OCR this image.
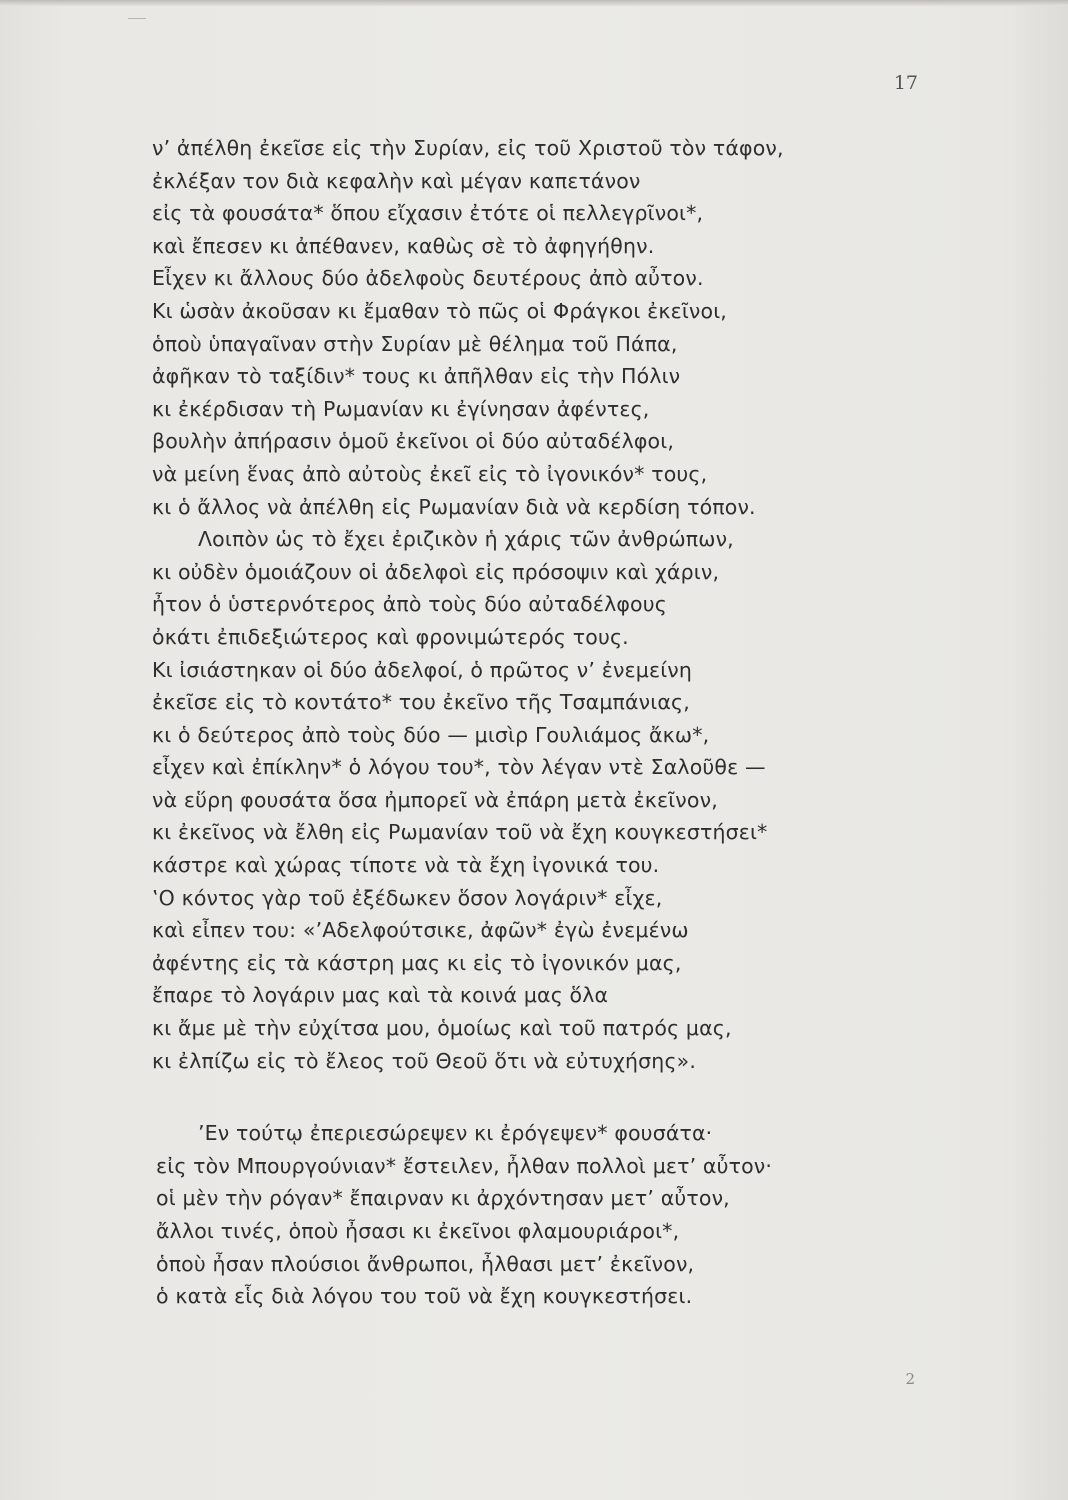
17
ν’ ἀπέλθη ἐκεῖσε εἰς τὴν Συρίαν, εἰς τοῦ Χριστοῦ τὸν τάφον,
ἐκλέξαν τον διὰ κεφαλὴν καὶ μέγαν καπετάνον
εἰς τὰ φουσάτα* ὅπου εἴχασιν ἐτότε οἱ πελλεγρῖνοι*,
καὶ ἔπεσεν κι ἀπέθανεν, καθὼς σὲ τὸ ἀφηγήθην.
Εἶχεν κι ἄλλους δύο ἀδελφοὺς δευτέρους ἀπὸ αὖτον.
Κι ὡσὰν ἀκοῦσαν κι ἔμαθαν τὸ πῶς οἱ Φράγκοι ἐκεῖνοι,
ὁποὺ ὑπαγαῖναν στὴν Συρίαν μὲ θέλημα τοῦ Πάπα,
ἀφῆκαν τὸ ταξίδιν* τους κι ἀπῆλθαν εἰς τὴν Πόλιν
κι ἐκέρδισαν τὴ Ρωμανίαν κι ἐγίνησαν ἀφέντες,
βουλὴν ἀπήρασιν ὁμοῦ ἐκεῖνοι οἱ δύο αὐταδέλφοι,
νὰ μείνη ἕνας ἀπὸ αὐτοὺς ἐκεῖ εἰς τὸ ἰγονικόν* τους,
κι ὁ ἄλλος νὰ ἀπέλθη εἰς Ρωμανίαν διὰ νὰ κερδίση τόπον.
Λοιπὸν ὡς τὸ ἔχει ἐριζικὸν ἡ χάρις τῶν ἀνθρώπων,
κι οὐδὲν ὁμοιάζουν οἱ ἀδελφοὶ εἰς πρόσοψιν καὶ χάριν,
ἦτον ὁ ὑστερνότερος ἀπὸ τοὺς δύο αὐταδέλφους
ὀκάτι ἐπιδεξιώτερος καὶ φρονιμώτερός τους.
Κι ἰσιάστηκαν οἱ δύο ἀδελφοί, ὁ πρῶτος ν’ ἐνεμείνη
ἐκεῖσε εἰς τὸ κοντάτο* του ἐκεῖνο τῆς Τσαμπάνιας,
κι ὁ δεύτερος ἀπὸ τοὺς δύο — μισὶρ Γουλιάμος ἄκω*,
εἶχεν καὶ ἐπίκλην* ὁ λόγου του*, τὸν λέγαν ντὲ Σαλοῦθε —
νὰ εὕρη φουσάτα ὅσα ἠμπορεῖ νὰ ἐπάρη μετὰ ἐκεῖνον,
κι ἐκεῖνος νὰ ἔλθη εἰς Ρωμανίαν τοῦ νὰ ἔχη κουγκεστήσει*
κάστρε καὶ χώρας τίποτε νὰ τὰ ἔχη ἰγονικά του.
‛Ο κόντος γὰρ τοῦ ἐξέδωκεν ὅσον λογάριν* εἶχε,
καὶ εἶπεν του: «’Αδελφούτσικε, ἀφῶν* ἐγὼ ἐνεμένω
ἀφέντης εἰς τὰ κάστρη μας κι εἰς τὸ ἰγονικόν μας,
ἔπαρε τὸ λογάριν μας καὶ τὰ κοινά μας ὅλα
κι ἄμε μὲ τὴν εὐχίτσα μου, ὁμοίως καὶ τοῦ πατρός μας,
κι ἐλπίζω εἰς τὸ ἔλεος τοῦ Θεοῦ ὅτι νὰ εὐτυχήσης».
’Εν τούτῳ ἐπεριεσώρεψεν κι ἐρόγεψεν* φουσάτα·
εἰς τὸν Μπουργούνιαν* ἔστειλεν, ἦλθαν πολλοὶ μετ’ αὖτον·
οἱ μὲν τὴν ρόγαν* ἔπαιρναν κι ἀρχόντησαν μετ’ αὖτον,
ἄλλοι τινές, ὁποὺ ἦσασι κι ἐκεῖνοι φλαμουριάροι*,
ὁποὺ ἦσαν πλούσιοι ἄνθρωποι, ἦλθασι μετ’ ἐκεῖνον,
ὁ κατὰ εἷς διὰ λόγου του τοῦ νὰ ἔχη κουγκεστήσει.
2
